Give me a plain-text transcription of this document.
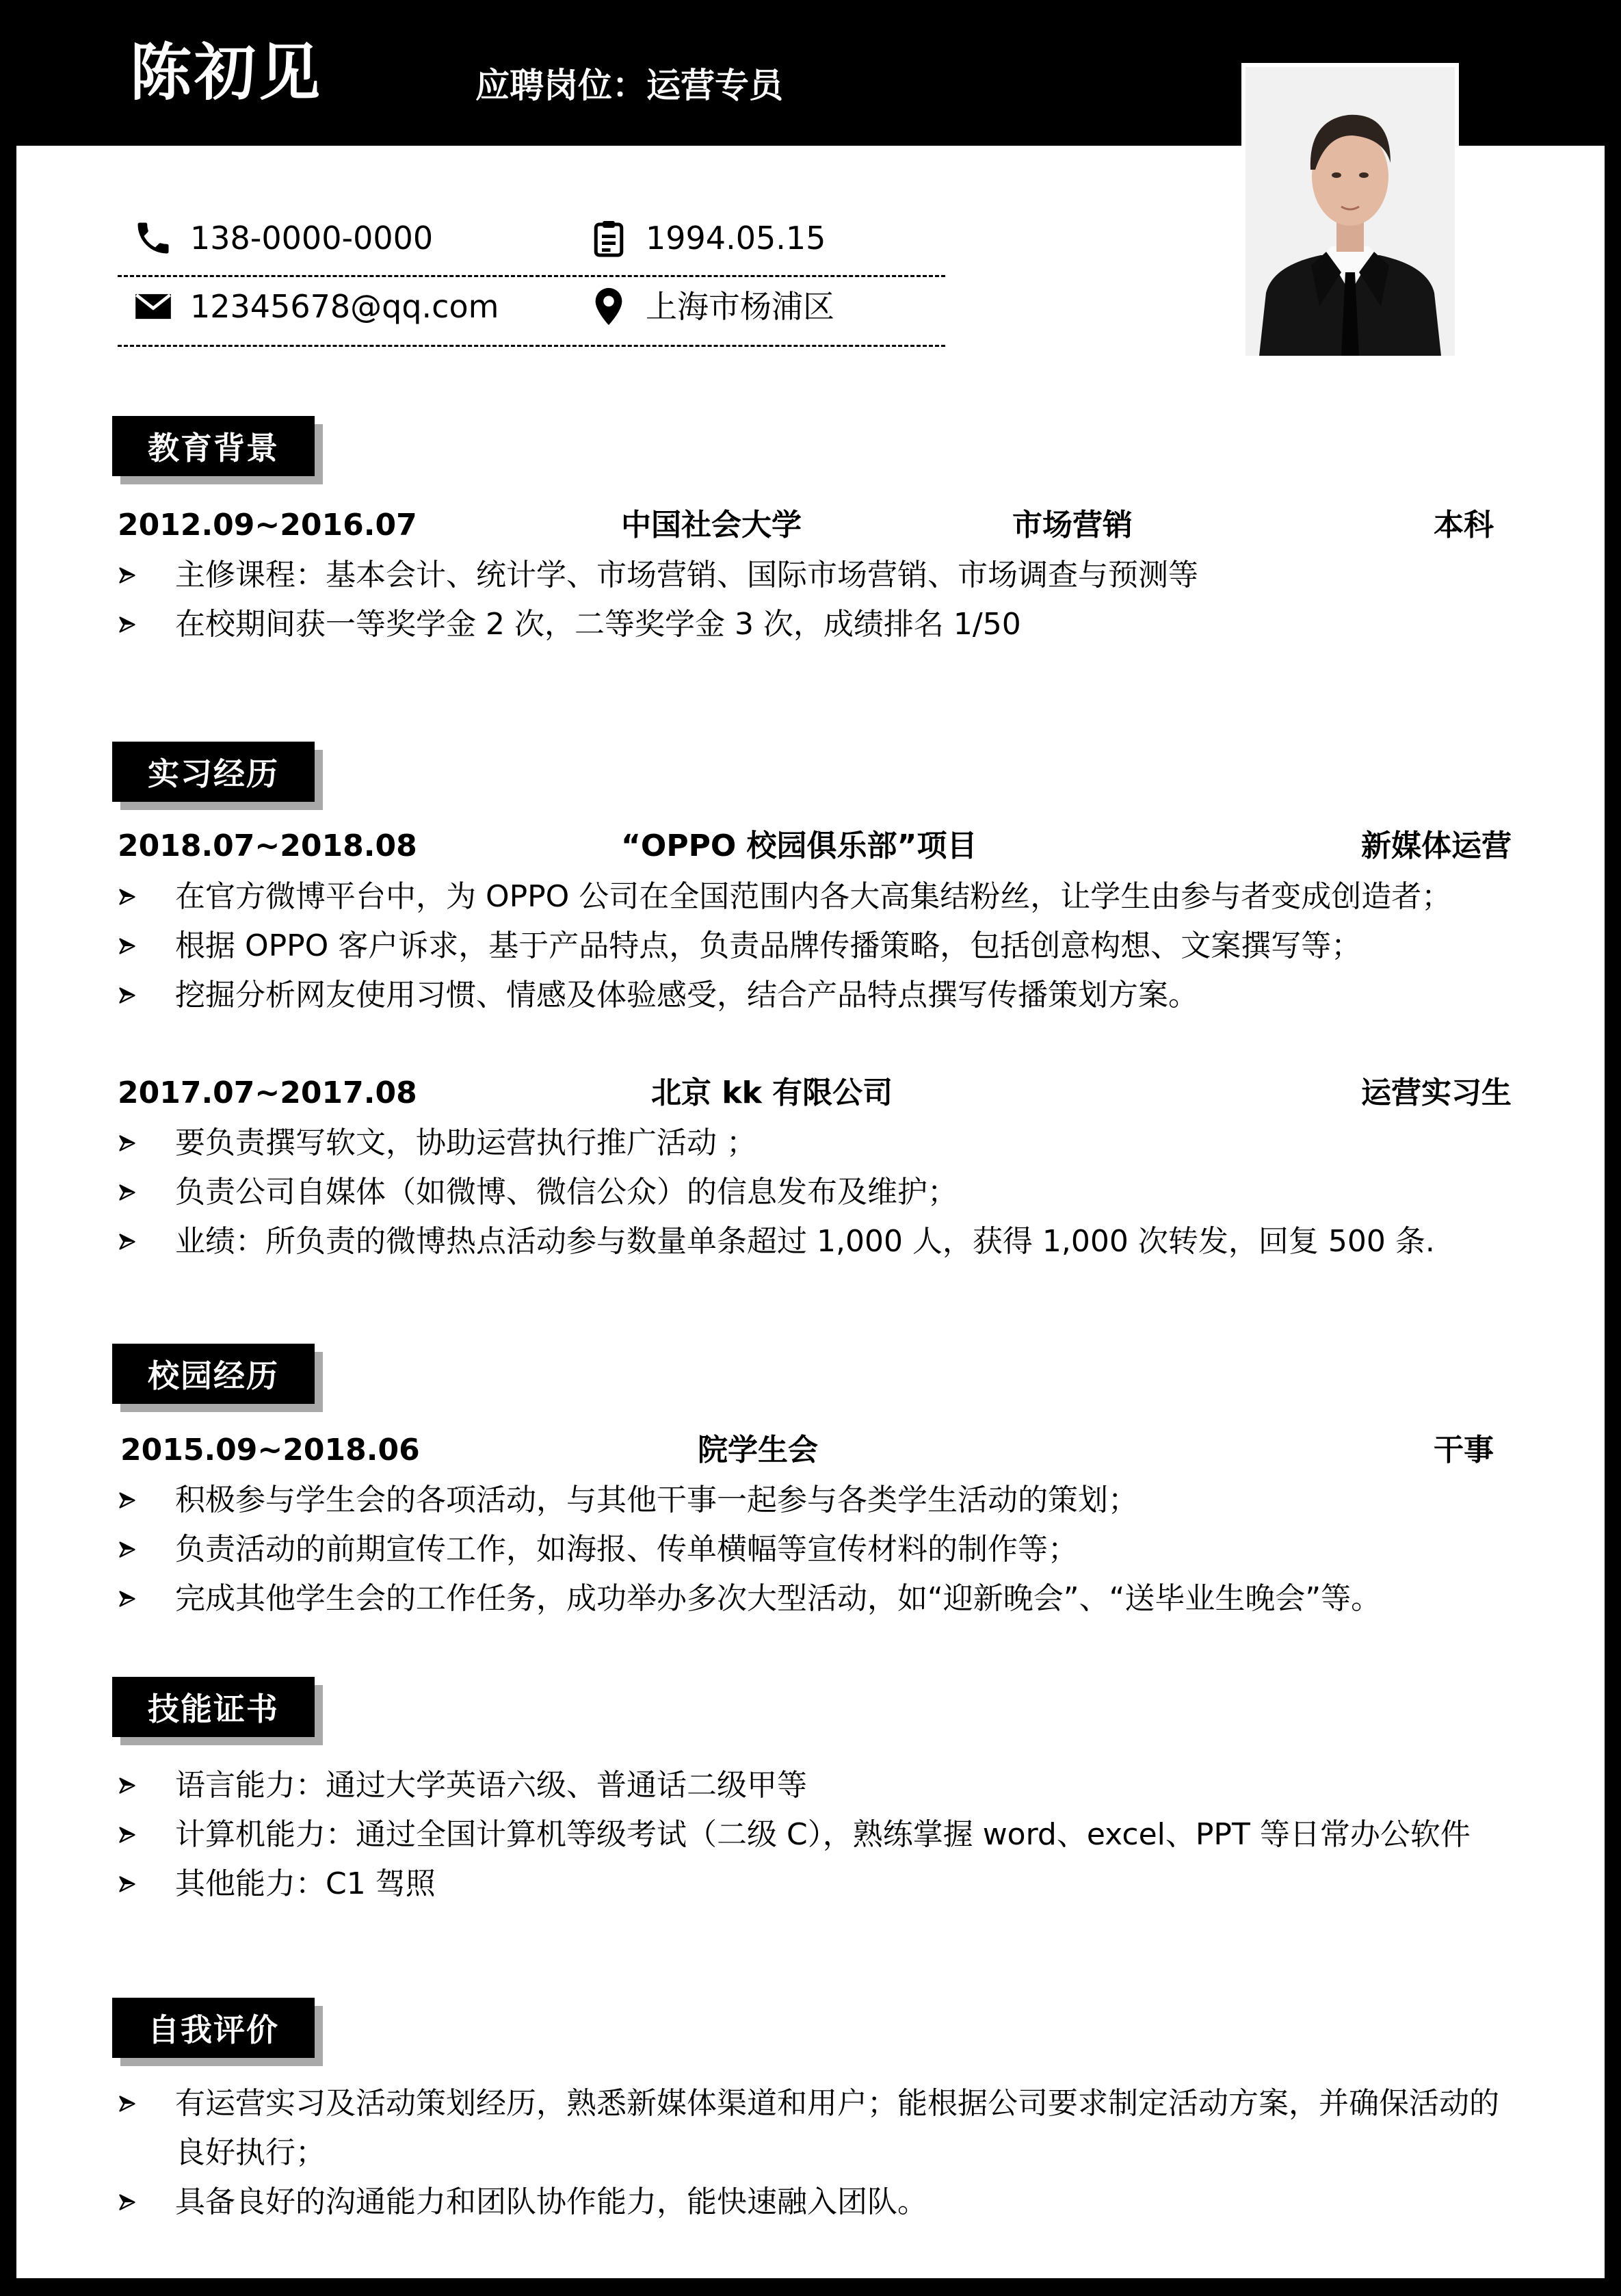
陈初见	应聘岗位：运营专员
138-0000-0000	1994.05.15
12345678@qq.com	上海市杨浦区
教育背景
2012.09~2016.07	中国社会大学	市场营销	本科
主修课程：基本会计、统计学、市场营销、国际市场营销、市场调查与预测等
在校期间获一等奖学金 2 次，二等奖学金 3 次，成绩排名 1/50
实习经历
2018.07~2018.08	“OPPO 校园俱乐部”项目	新媒体运营
在官方微博平台中，为 OPPO 公司在全国范围内各大高集结粉丝，让学生由参与者变成创造者；
根据 OPPO 客户诉求，基于产品特点，负责品牌传播策略，包括创意构想、文案撰写等；
挖掘分析网友使用习惯、情感及体验感受，结合产品特点撰写传播策划方案。
2017.07~2017.08	北京 kk 有限公司	运营实习生
要负责撰写软文，协助运营执行推广活动 ；
负责公司自媒体（如微博、微信公众）的信息发布及维护；
业绩：所负责的微博热点活动参与数量单条超过 1,000 人，获得 1,000 次转发，回复 500 条.
校园经历
2015.09~2018.06	院学生会	干事
积极参与学生会的各项活动，与其他干事一起参与各类学生活动的策划；
负责活动的前期宣传工作，如海报、传单横幅等宣传材料的制作等；
完成其他学生会的工作任务，成功举办多次大型活动，如“迎新晚会”、“送毕业生晚会”等。
技能证书
语言能力：通过大学英语六级、普通话二级甲等
计算机能力：通过全国计算机等级考试（二级 C），熟练掌握 word、excel、PPT 等日常办公软件
其他能力：C1 驾照
自我评价
有运营实习及活动策划经历，熟悉新媒体渠道和用户；能根据公司要求制定活动方案，并确保活动的良好执行；
具备良好的沟通能力和团队协作能力，能快速融入团队。
